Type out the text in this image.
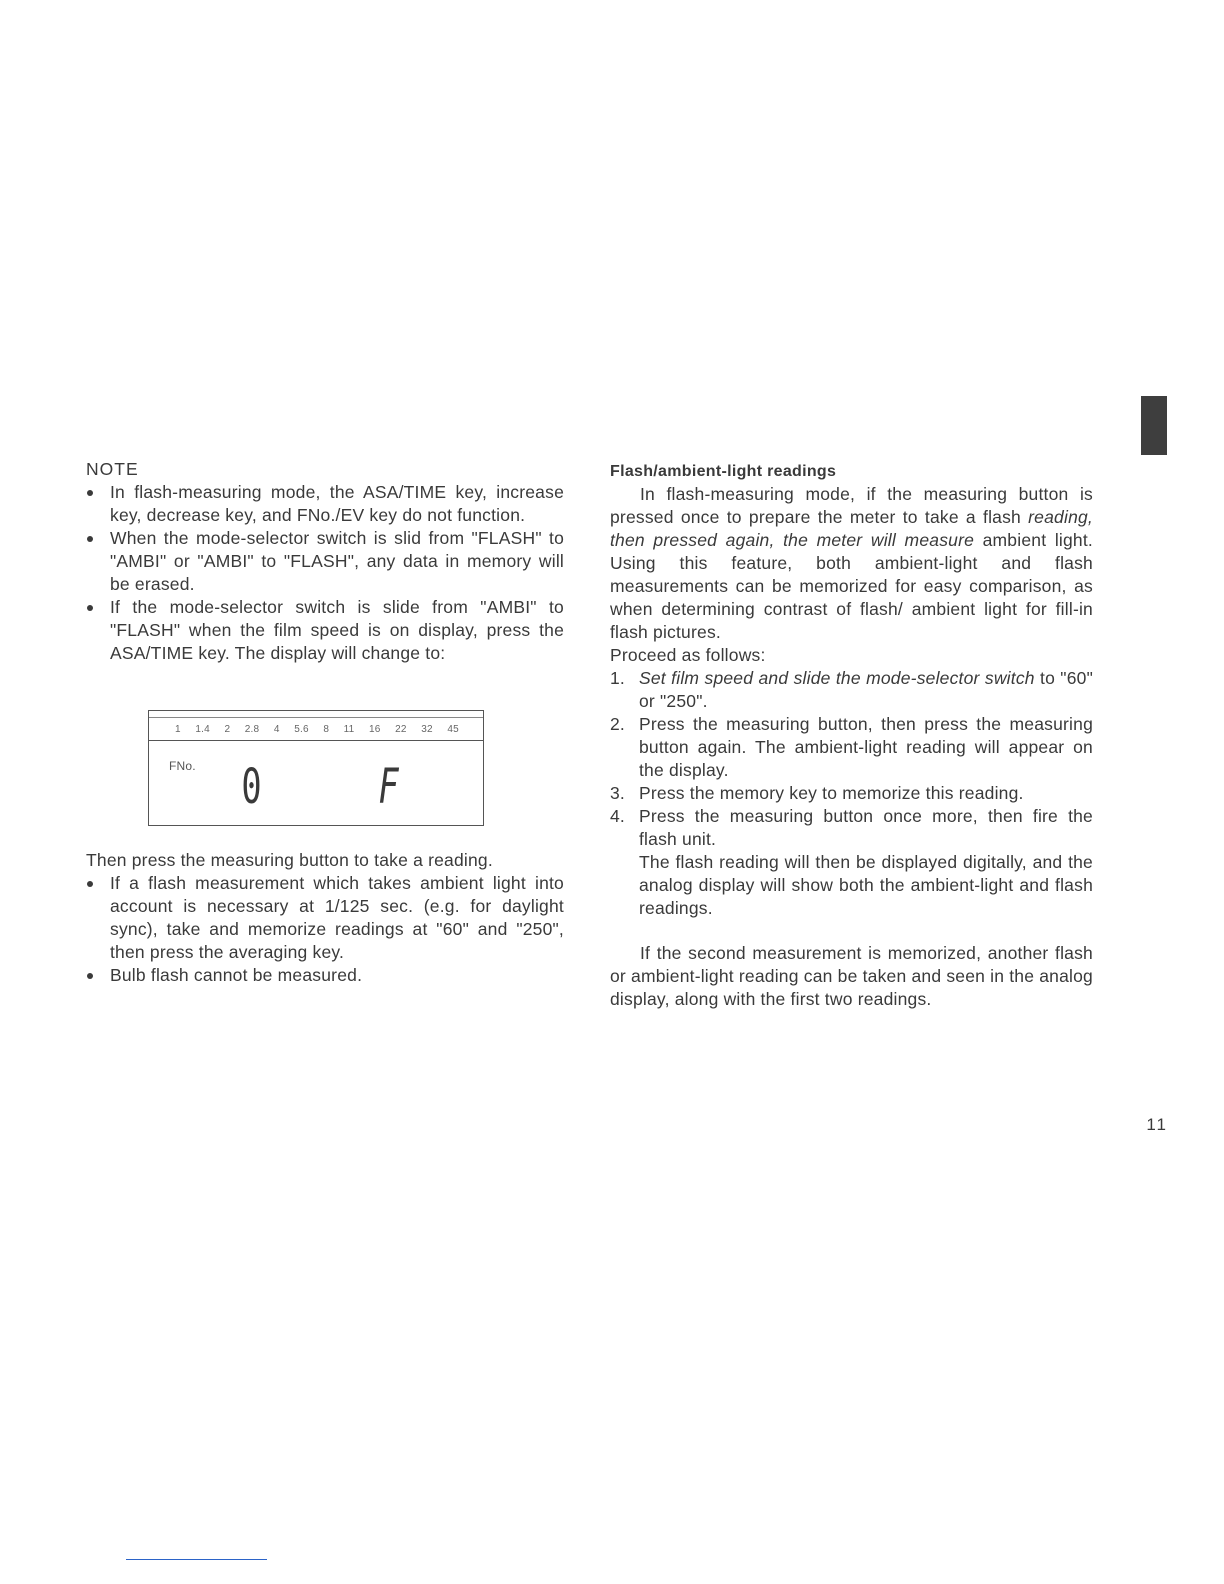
NOTE

In flash-measuring mode, the ASA/TIME key, increase key, decrease key, and FNo./EV key do not function.
When the mode-selector switch is slid from "FLASH" to "AMBI" or "AMBI" to "FLASH", any data in memory will be erased.
If the mode-selector switch is slide from "AMBI" to "FLASH" when the film speed is on display, press the ASA/TIME key. The display will change to:
1 1.4 2 2.8 4 5.6 8 11 16 22 32 45
FNo. 0 F

Then press the measuring button to take a reading.

If a flash measurement which takes ambient light into account is necessary at 1/125 sec. (e.g. for daylight sync), take and memorize readings at "60" and "250", then press the averaging key.
Bulb flash cannot be measured.

Flash/ambient-light readings

In flash-measuring mode, if the measuring button is pressed once to prepare the meter to take a flash reading, then pressed again, the meter will measure ambient light. Using this feature, both ambient-light and flash measurements can be memorized for easy comparison, as when determining contrast of flash/ ambient light for fill-in flash pictures.

Proceed as follows:

1. Set film speed and slide the mode-selector switch to "60" or "250".
2. Press the measuring button, then press the measuring button again. The ambient-light reading will appear on the display.
3. Press the memory key to memorize this reading.
4. Press the measuring button once more, then fire the flash unit.

The flash reading will then be displayed digitally, and the analog display will show both the ambient-light and flash readings.

If the second measurement is memorized, another flash or ambient-light reading can be taken and seen in the analog display, along with the first two readings.

11
